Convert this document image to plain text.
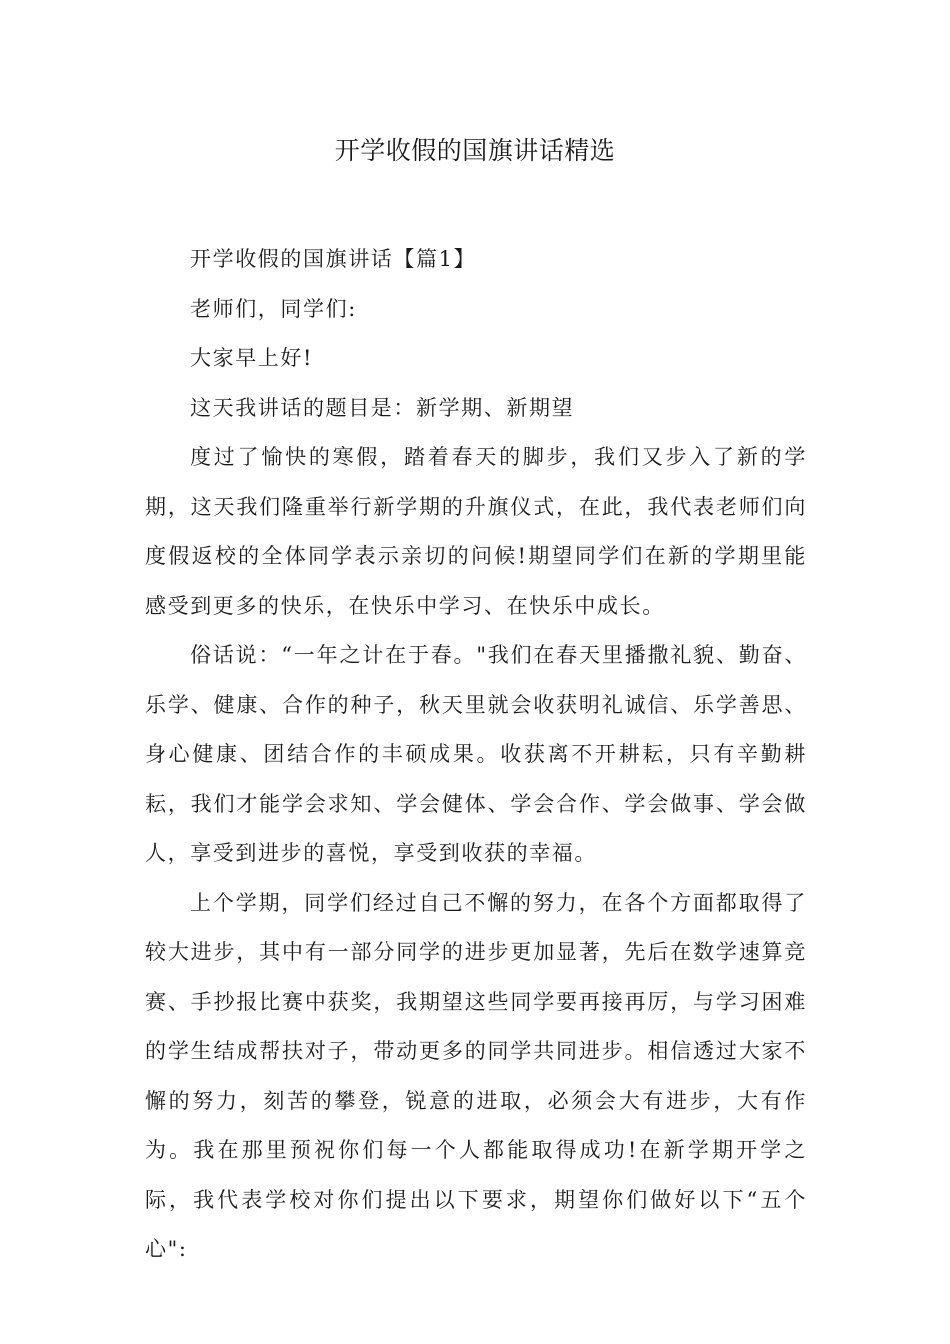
开学收假的国旗讲话精选

开学收假的国旗讲话【篇1】

老师们，同学们:

大家早上好!

这天我讲话的题目是：新学期、新期望

度过了愉快的寒假，踏着春天的脚步，我们又步入了新的学期，这天我们隆重举行新学期的升旗仪式，在此，我代表老师们向度假返校的全体同学表示亲切的问候!期望同学们在新的学期里能感受到更多的快乐，在快乐中学习、在快乐中成长。

俗话说：“一年之计在于春。"我们在春天里播撒礼貌、勤奋、乐学、健康、合作的种子，秋天里就会收获明礼诚信、乐学善思、身心健康、团结合作的丰硕成果。收获离不开耕耘，只有辛勤耕耘，我们才能学会求知、学会健体、学会合作、学会做事、学会做人，享受到进步的喜悦，享受到收获的幸福。

上个学期，同学们经过自己不懈的努力，在各个方面都取得了较大进步，其中有一部分同学的进步更加显著，先后在数学速算竞赛、手抄报比赛中获奖，我期望这些同学要再接再厉，与学习困难的学生结成帮扶对子，带动更多的同学共同进步。相信透过大家不懈的努力，刻苦的攀登，锐意的进取，必须会大有进步，大有作为。我在那里预祝你们每一个人都能取得成功!在新学期开学之际，我代表学校对你们提出以下要求，期望你们做好以下“五个心":
